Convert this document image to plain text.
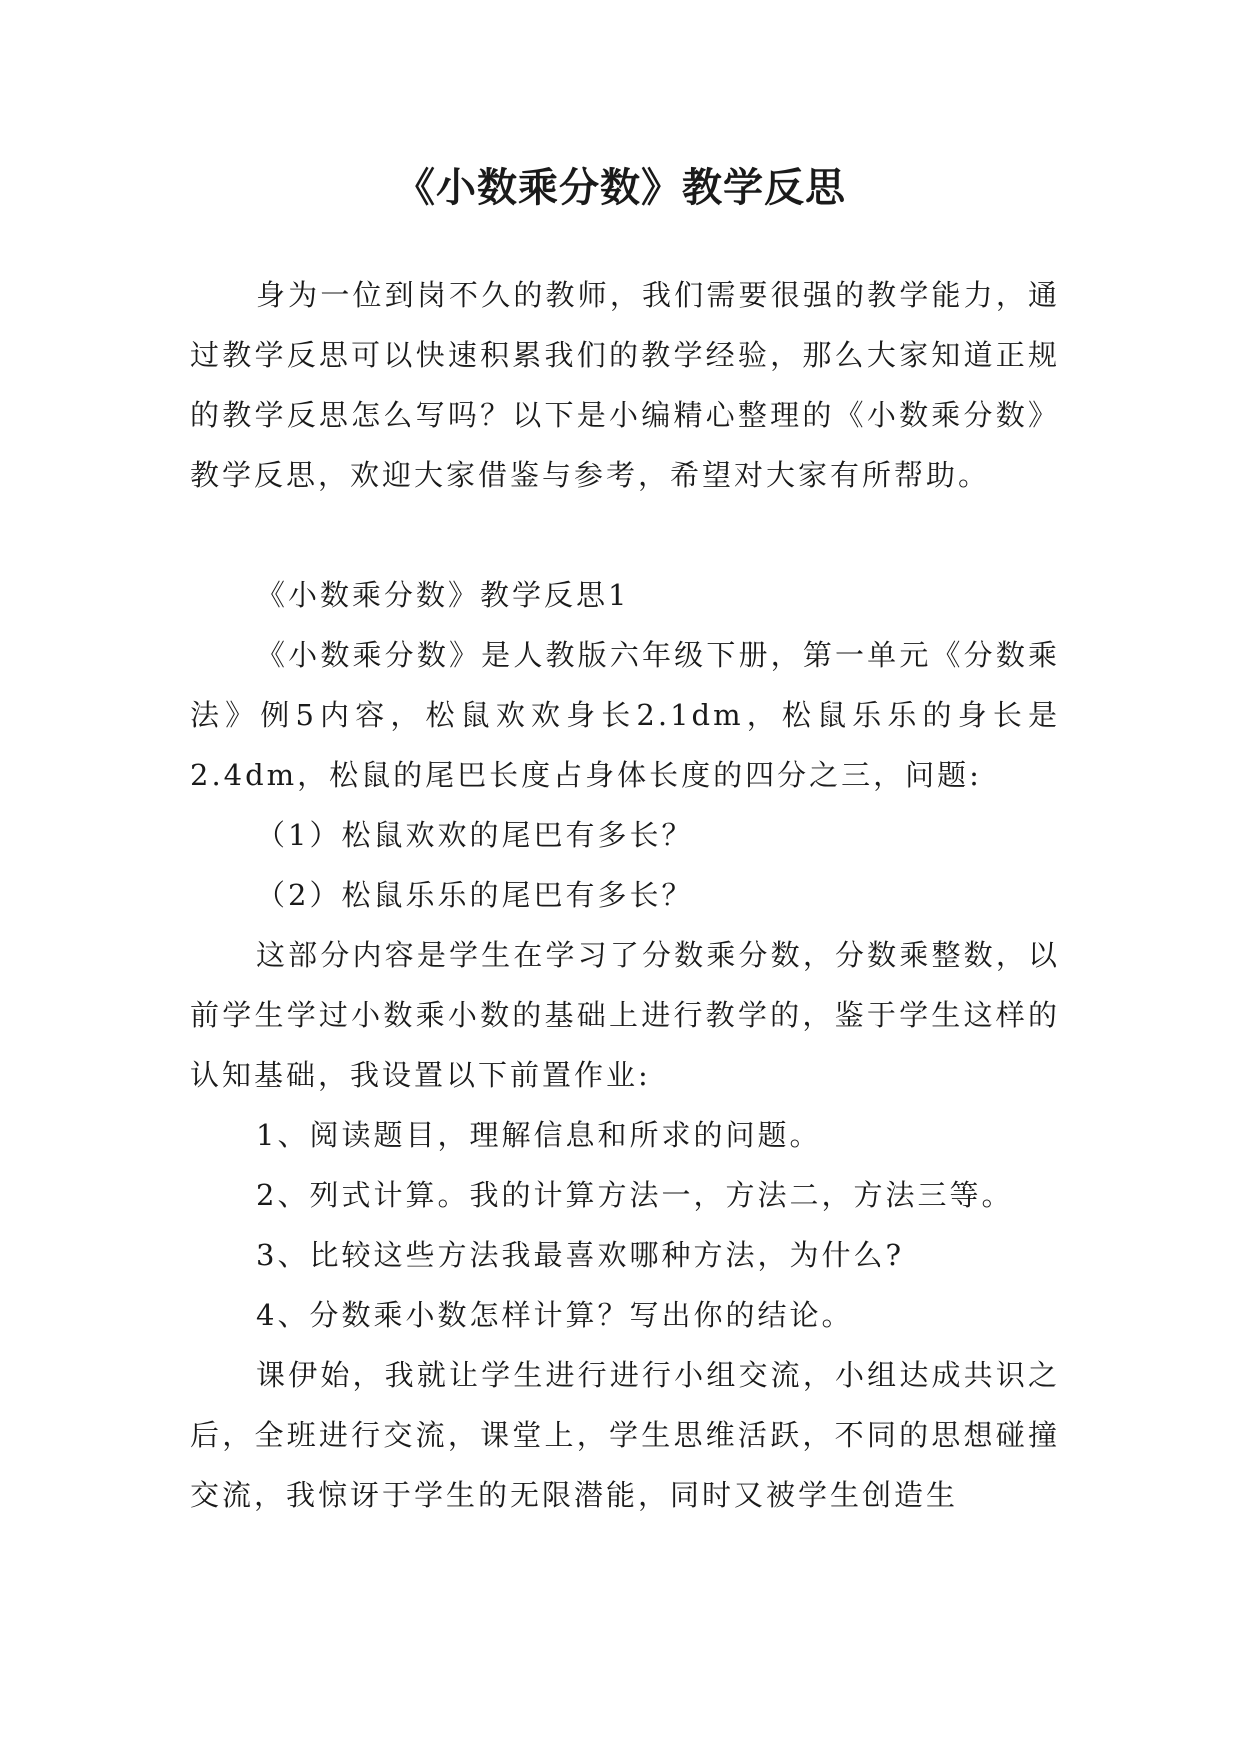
《小数乘分数》教学反思

身为一位到岗不久的教师，我们需要很强的教学能力，通过教学反思可以快速积累我们的教学经验，那么大家知道正规的教学反思怎么写吗？以下是小编精心整理的《小数乘分数》教学反思，欢迎大家借鉴与参考，希望对大家有所帮助。

《小数乘分数》教学反思1

《小数乘分数》是人教版六年级下册，第一单元《分数乘法》例5内容，松鼠欢欢身长2.1dm，松鼠乐乐的身长是2.4dm，松鼠的尾巴长度占身体长度的四分之三，问题:

（1）松鼠欢欢的尾巴有多长？

（2）松鼠乐乐的尾巴有多长？

这部分内容是学生在学习了分数乘分数，分数乘整数，以前学生学过小数乘小数的基础上进行教学的，鉴于学生这样的认知基础，我设置以下前置作业:

1、阅读题目，理解信息和所求的问题。

2、列式计算。我的计算方法一，方法二，方法三等。

3、比较这些方法我最喜欢哪种方法，为什么?

4、分数乘小数怎样计算？写出你的结论。

课伊始，我就让学生进行进行小组交流，小组达成共识之后，全班进行交流，课堂上，学生思维活跃，不同的思想碰撞交流，我惊讶于学生的无限潜能，同时又被学生创造生
